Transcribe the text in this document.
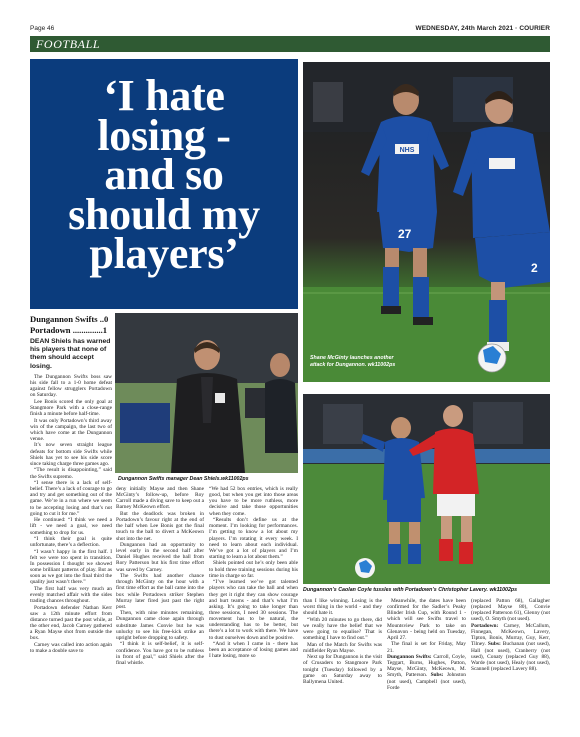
Page 46	WEDNESDAY, 24th March 2021 · COURIER
FOOTBALL
‘I hate
losing -
and so
should my
players’
NHS
27
2
Shane McGinty launches another attack for Dungannon. wk11002ps
Dungannon Swifts manager Dean Shiels.wk11002ps
Dungannon’s Caolan Coyle tussles with Portadown’s Christopher Lavery. wk11002ps
Dungannon Swifts ..0
Portadown ..............1
DEAN Shiels has warned his players that none of them should accept losing.

The Dungannon Swifts boss saw his side fall to a 1-0 home defeat against fellow strugglers Portadown on Saturday.

Lee Bonis scored the only goal at Stangmore Park with a close-range finish a minute before half-time.

It was only Portadown’s third away win of the campaign, the last two of which have come at the Dungannon venue.

It’s now seven straight league defeats for bottom side Swifts while Shiels has yet to see his side score since taking charge three games ago.

“The result is disappointing,” said the Swifts supremo.

“I sense there is a lack of self-belief. There’s a lack of courage to go and try and get something out of the game. We’re in a run where we seem to be accepting losing and that’s not going to cut it for me.”

He continued: “I think we need a lift - we need a goal, we need something to drop for us.

“I think their goal is quite unfortunate, there’s a deflection.

“I wasn’t happy in the first half. I felt we were too spent in transition. In possession I thought we showed some brilliant patterns of play. But as soon as we got into the final third the quality just wasn’t there.”

The first half was very much an evenly matched affair with the sides trading chances throughout.

Portadown defender Nathan Kerr saw a 12th minute effort from distance turned past the post while, at the other end, Jacob Carney gathered a Ryan Mayse shot from outside the box.

Carney was called into action again to make a double save to

deny initially Mayse and then Shane McGinty’s follow-up, before Roy Carroll made a diving save to keep out a Barney McKeown effort.

But the deadlock was broken in Portadown’s favour right at the end of the half when Lee Bonis got the final touch to the ball to divert a McKeown shot into the net.

Dungannon had an opportunity to level early in the second half after Daniel Hughes received the ball from Rory Patterson but his first time effort was saved by Carney.

The Swifts had another chance through McGinty on the hour with a first time effort as the ball came into the box while Portadown striker Stephen Murray later fired just past the right post.

Then, with nine minutes remaining, Dungannon came close again through substitute James Convie but he was unlucky to see his free-kick strike an upright before dropping to safety.

“I think it is self-belief, it is self-confidence. You have got to be ruthless in front of goal,” said Shiels after the final whistle.

“We had 52 box entries, which is really good, but when you get into those areas you have to be more ruthless, more decisive and take those opportunities when they come.

“Results don’t define us at the moment. I’m looking for performances. I’m getting to know a lot about my players. I’m rotating it every week. I need to learn about each individual. We’ve got a lot of players and I’m starting to learn a lot about them.”

Shiels pointed out he’s only been able to hold three training sessions during his time in charge so far.

“I’ve learned we’ve got talented players who can take the ball and when they get it right they can show courage and hurt teams - and that’s what I’m asking. It’s going to take longer than three sessions, I need 30 sessions. The movement has to be natural, the understanding has to be better, but there’s a lot to work with there. We have to dust ourselves down and be positive.

“And it when I came in - there has been an acceptance of losing games and I hate losing, more so

than I like winning. Losing is the worst thing in the world - and they should hate it.

“With 20 minutes to go there, did we really have the belief that we were going to equalise? That is something I have to find out.”

Man of the Match for Swifts was midfielder Ryan Mayse.

Next up for Dungannon is the visit of Crusaders to Stangmore Park tonight (Tuesday) followed by a game on Saturday away to Ballymena United.

Meanwhile, the dates have been confirmed for the Sadler’s Peaky Blinder Irish Cup, with Round 1 - which will see Swifts travel to Mountsview Park to take on Glenavon - being held on Tuesday, April 27.

The final is set for Friday, May 21.

Dungannon Swifts: Carroll, Coyle, Teggart, Burns, Hughes, Patton, Mayse, McGinty, McKeown, M. Smyth, Patterson. Subs: Johnston (not used), Campbell (not used), Forde

(replaced Patton 68), Gallagher (replaced Mayse 80), Convie (replaced Patterson 61), Glenny (not used), O. Smyth (not used).

Portadown: Carney, McCallum, Finnegan, McKeown, Lavery, Tipton, Bonis, Murray, Guy, Kerr, Tilney. Subs: Buchanan (not used), Hall (not used), Cranberry (not used), Conaty (replaced Guy 88), Warde (not used), Healy (not used), Scannell (replaced Lavery 88).
